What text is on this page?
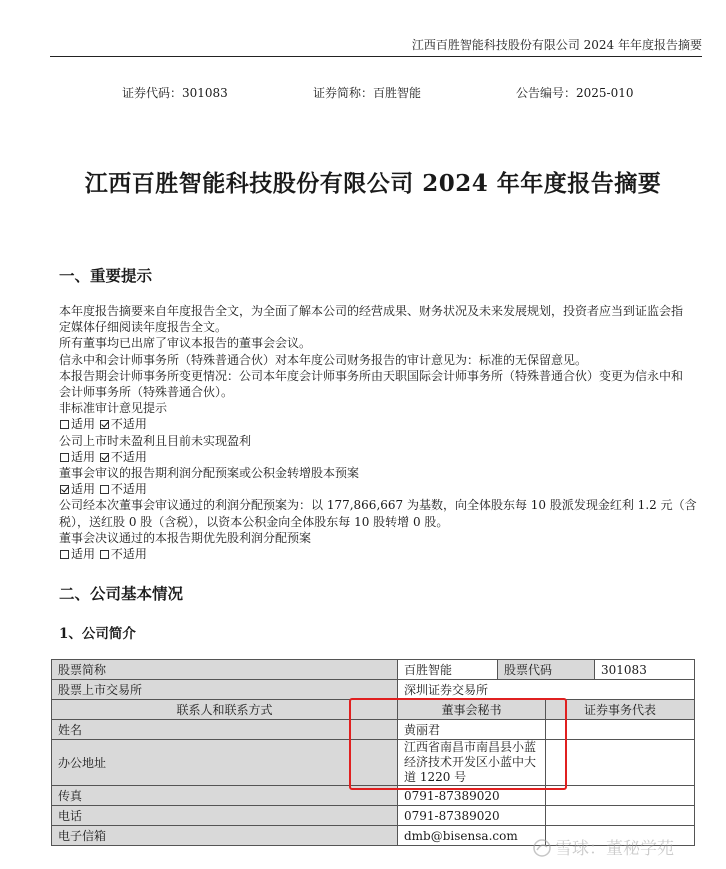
江西百胜智能科技股份有限公司 2024 年年度报告摘要
证券代码：301083	证券简称：百胜智能	公告编号：2025-010
江西百胜智能科技股份有限公司 2024 年年度报告摘要
一、重要提示
本年度报告摘要来自年度报告全文，为全面了解本公司的经营成果、财务状况及未来发展规划，投资者应当到证监会指
定媒体仔细阅读年度报告全文。
所有董事均已出席了审议本报告的董事会会议。
信永中和会计师事务所（特殊普通合伙）对本年度公司财务报告的审计意见为：标准的无保留意见。
本报告期会计师事务所变更情况：公司本年度会计师事务所由天职国际会计师事务所（特殊普通合伙）变更为信永中和
会计师事务所（特殊普通合伙）。
非标准审计意见提示
适用 不适用
公司上市时未盈利且目前未实现盈利
适用 不适用
董事会审议的报告期利润分配预案或公积金转增股本预案
适用 不适用
公司经本次董事会审议通过的利润分配预案为：以 177,866,667 为基数，向全体股东每 10 股派发现金红利 1.2 元（含
税），送红股 0 股（含税），以资本公积金向全体股东每 10 股转增 0 股。
董事会决议通过的本报告期优先股利润分配预案
适用 不适用
二、公司基本情况
1、公司简介
股票简称	百胜智能	股票代码		301083
股票上市交易所	深圳证券交易所			
联系人和联系方式	董事会秘书		证券事务代表	
姓名	黄丽君			
办公地址	江西省南昌市南昌县小蓝经济技术开发区小蓝中大道 1220 号			
传真	0791-87389020			
电话	0791-87389020			
电子信箱	dmb@bisensa.com			
雪球：董秘学苑
